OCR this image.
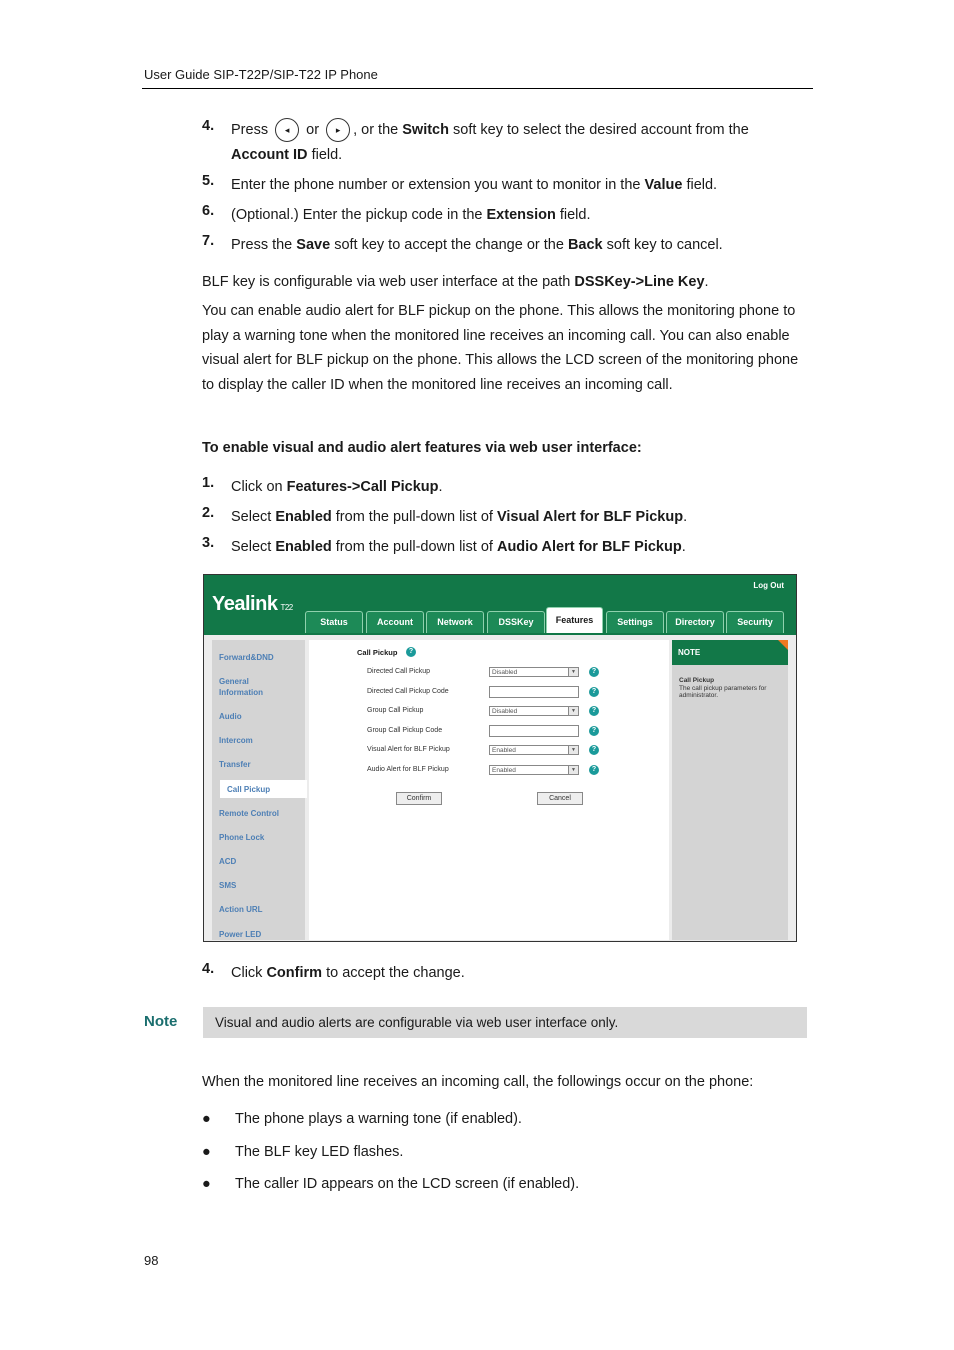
User Guide SIP-T22P/SIP-T22 IP Phone
4. Press ◂ or ▸ , or the Switch soft key to select the desired account from the Account ID field.
5. Enter the phone number or extension you want to monitor in the Value field.
6. (Optional.) Enter the pickup code in the Extension field.
7. Press the Save soft key to accept the change or the Back soft key to cancel.
BLF key is configurable via web user interface at the path DSSKey->Line Key.
You can enable audio alert for BLF pickup on the phone. This allows the monitoring phone to play a warning tone when the monitored line receives an incoming call. You can also enable visual alert for BLF pickup on the phone. This allows the LCD screen of the monitoring phone to display the caller ID when the monitored line receives an incoming call.
To enable visual and audio alert features via web user interface:
1. Click on Features->Call Pickup.
2. Select Enabled from the pull-down list of Visual Alert for BLF Pickup.
3. Select Enabled from the pull-down list of Audio Alert for BLF Pickup.
Yealink T22
Log Out
Status	Account	Network	DSSKey	Features	Settings	Directory	Security
Forward&DND
General
Information
Audio
Intercom
Transfer
Call Pickup
Remote Control
Phone Lock
ACD
SMS
Action URL
Power LED
Call Pickup	?
Directed Call Pickup	Disabled	▼	?
Directed Call Pickup Code	?
Group Call Pickup	Disabled	▼	?
Group Call Pickup Code	?
Visual Alert for BLF Pickup	Enabled	▼	?
Audio Alert for BLF Pickup	Enabled	▼	?
Confirm	Cancel
NOTE
Call Pickup
The call pickup parameters for administrator.
4. Click Confirm to accept the change.
Note	Visual and audio alerts are configurable via web user interface only.
When the monitored line receives an incoming call, the followings occur on the phone:
● The phone plays a warning tone (if enabled).
● The BLF key LED flashes.
● The caller ID appears on the LCD screen (if enabled).
98
